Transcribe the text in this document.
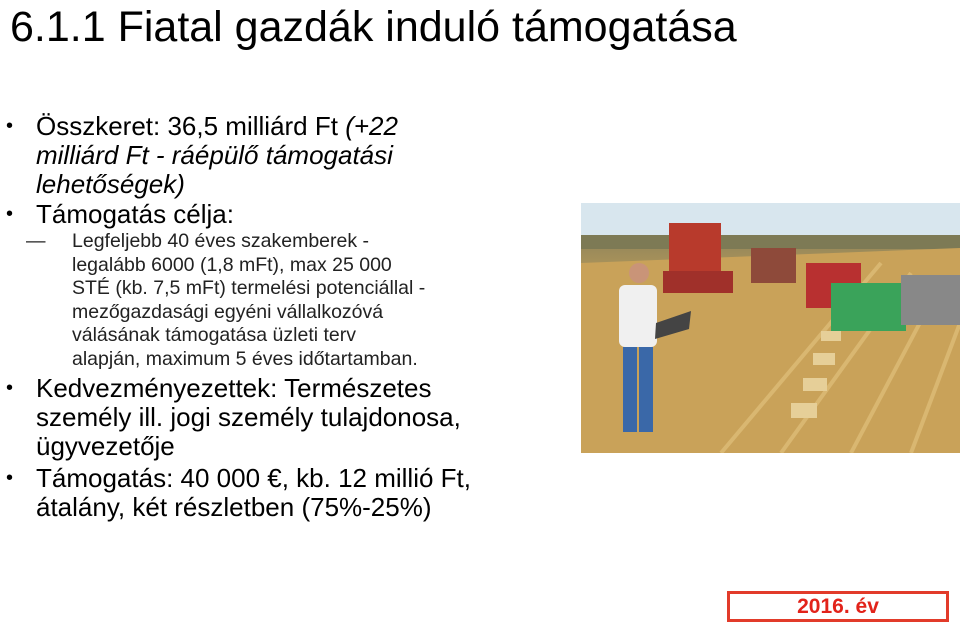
6.1.1 Fiatal gazdák induló támogatása
• Összkeret: 36,5 milliárd Ft (+22
milliárd Ft - ráépülő támogatási
lehetőségek)
• Támogatás célja:
— Legfeljebb 40 éves szakemberek -
legalább 6000 (1,8 mFt), max 25 000
STÉ (kb. 7,5 mFt) termelési potenciállal -
mezőgazdasági egyéni vállalkozóvá
válásának támogatása üzleti terv
alapján, maximum 5 éves időtartamban.
• Kedvezményezettek: Természetes
személy ill. jogi személy tulajdonosa,
ügyvezetője
• Támogatás: 40 000 €, kb. 12 millió Ft,
átalány, két részletben (75%-25%)
2016. év
